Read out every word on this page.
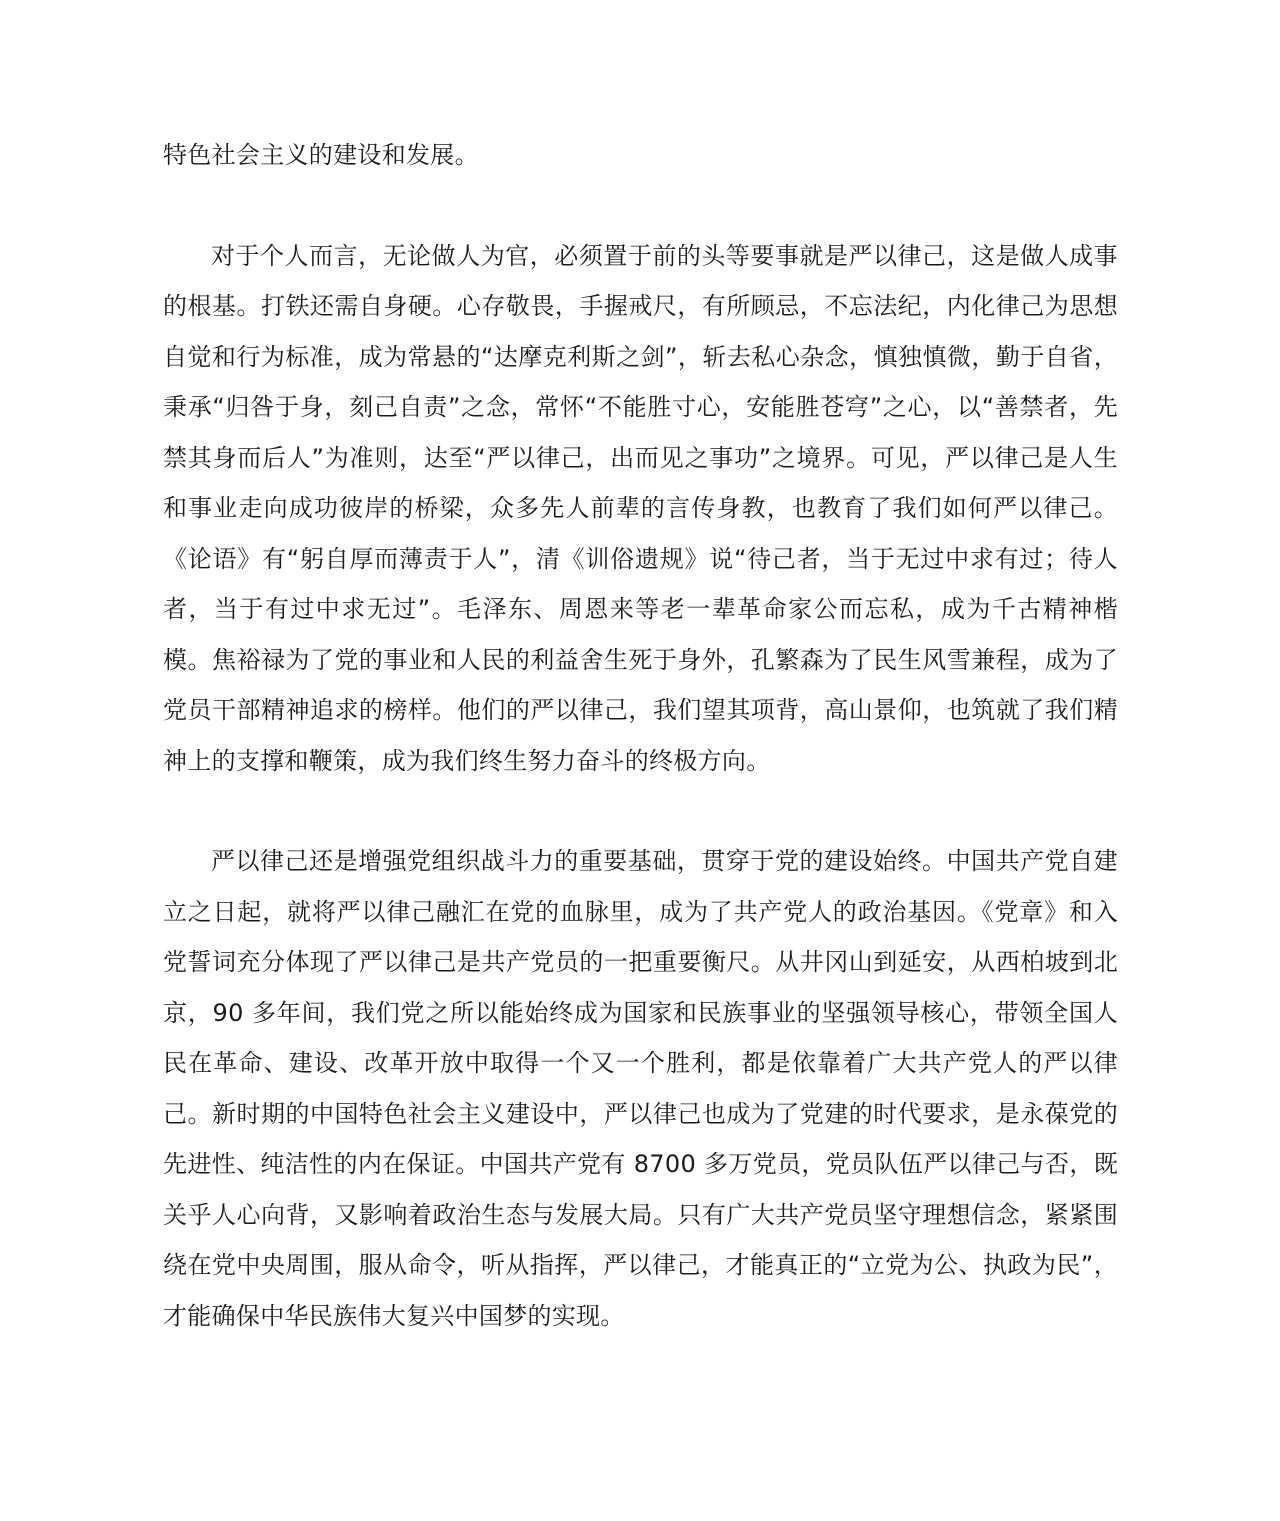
特色社会主义的建设和发展。

对于个人而言，无论做人为官，必须置于前的头等要事就是严以律己，这是做人成事的根基。打铁还需自身硬。心存敬畏，手握戒尺，有所顾忌，不忘法纪，内化律己为思想自觉和行为标准，成为常悬的“达摩克利斯之剑”，斩去私心杂念，慎独慎微，勤于自省，秉承“归咎于身，刻己自责”之念，常怀“不能胜寸心，安能胜苍穹”之心，以“善禁者，先禁其身而后人”为准则，达至“严以律己，出而见之事功”之境界。可见，严以律己是人生和事业走向成功彼岸的桥梁，众多先人前辈的言传身教，也教育了我们如何严以律己。《论语》有“躬自厚而薄责于人”，清《训俗遗规》说“待己者，当于无过中求有过；待人者，当于有过中求无过”。毛泽东、周恩来等老一辈革命家公而忘私，成为千古精神楷模。焦裕禄为了党的事业和人民的利益舍生死于身外，孔繁森为了民生风雪兼程，成为了党员干部精神追求的榜样。他们的严以律己，我们望其项背，高山景仰，也筑就了我们精神上的支撑和鞭策，成为我们终生努力奋斗的终极方向。

严以律己还是增强党组织战斗力的重要基础，贯穿于党的建设始终。中国共产党自建立之日起，就将严以律己融汇在党的血脉里，成为了共产党人的政治基因。《党章》和入党誓词充分体现了严以律己是共产党员的一把重要衡尺。从井冈山到延安，从西柏坡到北京，90 多年间，我们党之所以能始终成为国家和民族事业的坚强领导核心，带领全国人民在革命、建设、改革开放中取得一个又一个胜利，都是依靠着广大共产党人的严以律己。新时期的中国特色社会主义建设中，严以律己也成为了党建的时代要求，是永葆党的先进性、纯洁性的内在保证。中国共产党有 8700 多万党员，党员队伍严以律己与否，既关乎人心向背，又影响着政治生态与发展大局。只有广大共产党员坚守理想信念，紧紧围绕在党中央周围，服从命令，听从指挥，严以律己，才能真正的“立党为公、执政为民”，才能确保中华民族伟大复兴中国梦的实现。
